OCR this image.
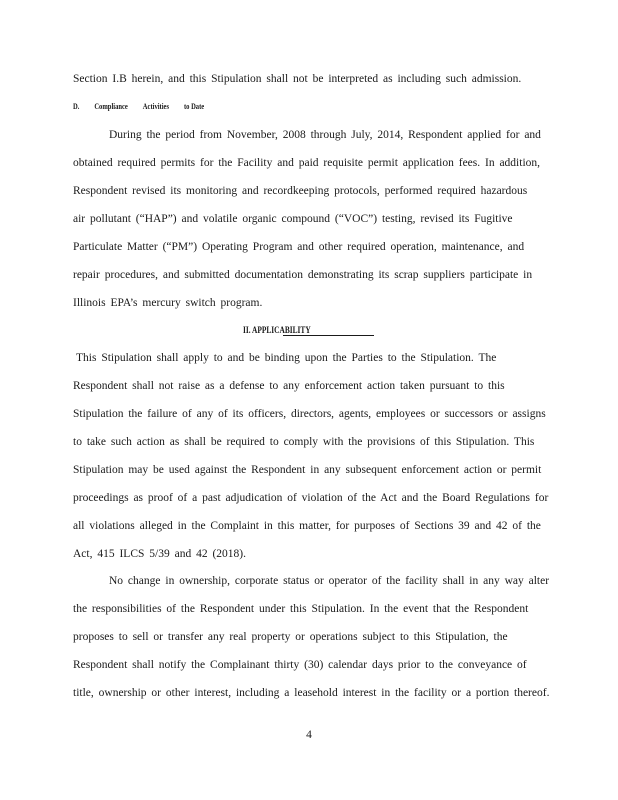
Section I.B herein, and this Stipulation shall not be interpreted as including such admission.
D. Compliance Activities to Date
During the period from November, 2008 through July, 2014, Respondent applied for and
obtained required permits for the Facility and paid requisite permit application fees. In addition,
Respondent revised its monitoring and recordkeeping protocols, performed required hazardous
air pollutant (“HAP”) and volatile organic compound (“VOC”) testing, revised its Fugitive
Particulate Matter (“PM”) Operating Program and other required operation, maintenance, and
repair procedures, and submitted documentation demonstrating its scrap suppliers participate in
Illinois EPA’s mercury switch program.
II. APPLICABILITY
This Stipulation shall apply to and be binding upon the Parties to the Stipulation. The
Respondent shall not raise as a defense to any enforcement action taken pursuant to this
Stipulation the failure of any of its officers, directors, agents, employees or successors or assigns
to take such action as shall be required to comply with the provisions of this Stipulation. This
Stipulation may be used against the Respondent in any subsequent enforcement action or permit
proceedings as proof of a past adjudication of violation of the Act and the Board Regulations for
all violations alleged in the Complaint in this matter, for purposes of Sections 39 and 42 of the
Act, 415 ILCS 5/39 and 42 (2018).
No change in ownership, corporate status or operator of the facility shall in any way alter
the responsibilities of the Respondent under this Stipulation. In the event that the Respondent
proposes to sell or transfer any real property or operations subject to this Stipulation, the
Respondent shall notify the Complainant thirty (30) calendar days prior to the conveyance of
title, ownership or other interest, including a leasehold interest in the facility or a portion thereof.
4
